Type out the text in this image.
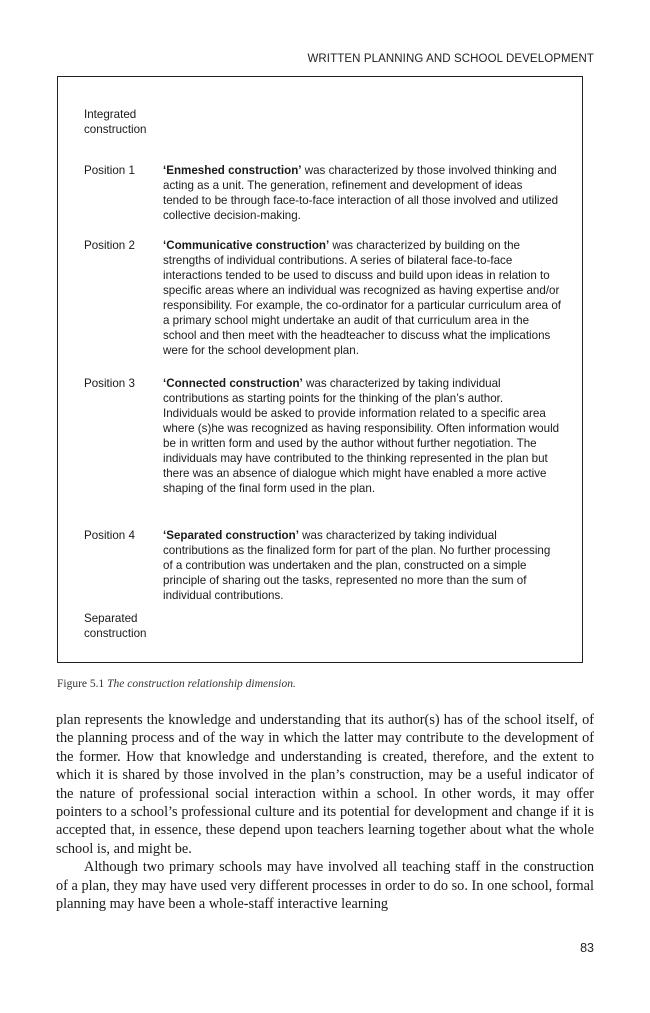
WRITTEN PLANNING AND SCHOOL DEVELOPMENT
Integrated
construction
Position 1	‘Enmeshed construction’ was characterized by those involved thinking and acting as a unit. The generation, refinement and development of ideas tended to be through face-to-face interaction of all those involved and utilized collective decision-making.
Position 2	‘Communicative construction’ was characterized by building on the strengths of individual contributions. A series of bilateral face-to-face interactions tended to be used to discuss and build upon ideas in relation to specific areas where an individual was recognized as having expertise and/or responsibility. For example, the co-ordinator for a particular curriculum area of a primary school might undertake an audit of that curriculum area in the school and then meet with the headteacher to discuss what the implications were for the school development plan.
Position 3	‘Connected construction’ was characterized by taking individual contributions as starting points for the thinking of the plan’s author. Individuals would be asked to provide information related to a specific area where (s)he was recognized as having responsibility. Often information would be in written form and used by the author without further negotiation. The individuals may have contributed to the thinking represented in the plan but there was an absence of dialogue which might have enabled a more active shaping of the final form used in the plan.
Position 4	‘Separated construction’ was characterized by taking individual contributions as the finalized form for part of the plan. No further processing of a contribution was undertaken and the plan, constructed on a simple principle of sharing out the tasks, represented no more than the sum of individual contributions.
Separated
construction
Figure 5.1 The construction relationship dimension.

plan represents the knowledge and understanding that its author(s) has of the school itself, of the planning process and of the way in which the latter may contribute to the development of the former. How that knowledge and understanding is created, therefore, and the extent to which it is shared by those involved in the plan’s construction, may be a useful indicator of the nature of professional social interaction within a school. In other words, it may offer pointers to a school’s professional culture and its potential for development and change if it is accepted that, in essence, these depend upon teachers learning together about what the whole school is, and might be.

Although two primary schools may have involved all teaching staff in the construction of a plan, they may have used very different processes in order to do so. In one school, formal planning may have been a whole-staff interactive learning

83
